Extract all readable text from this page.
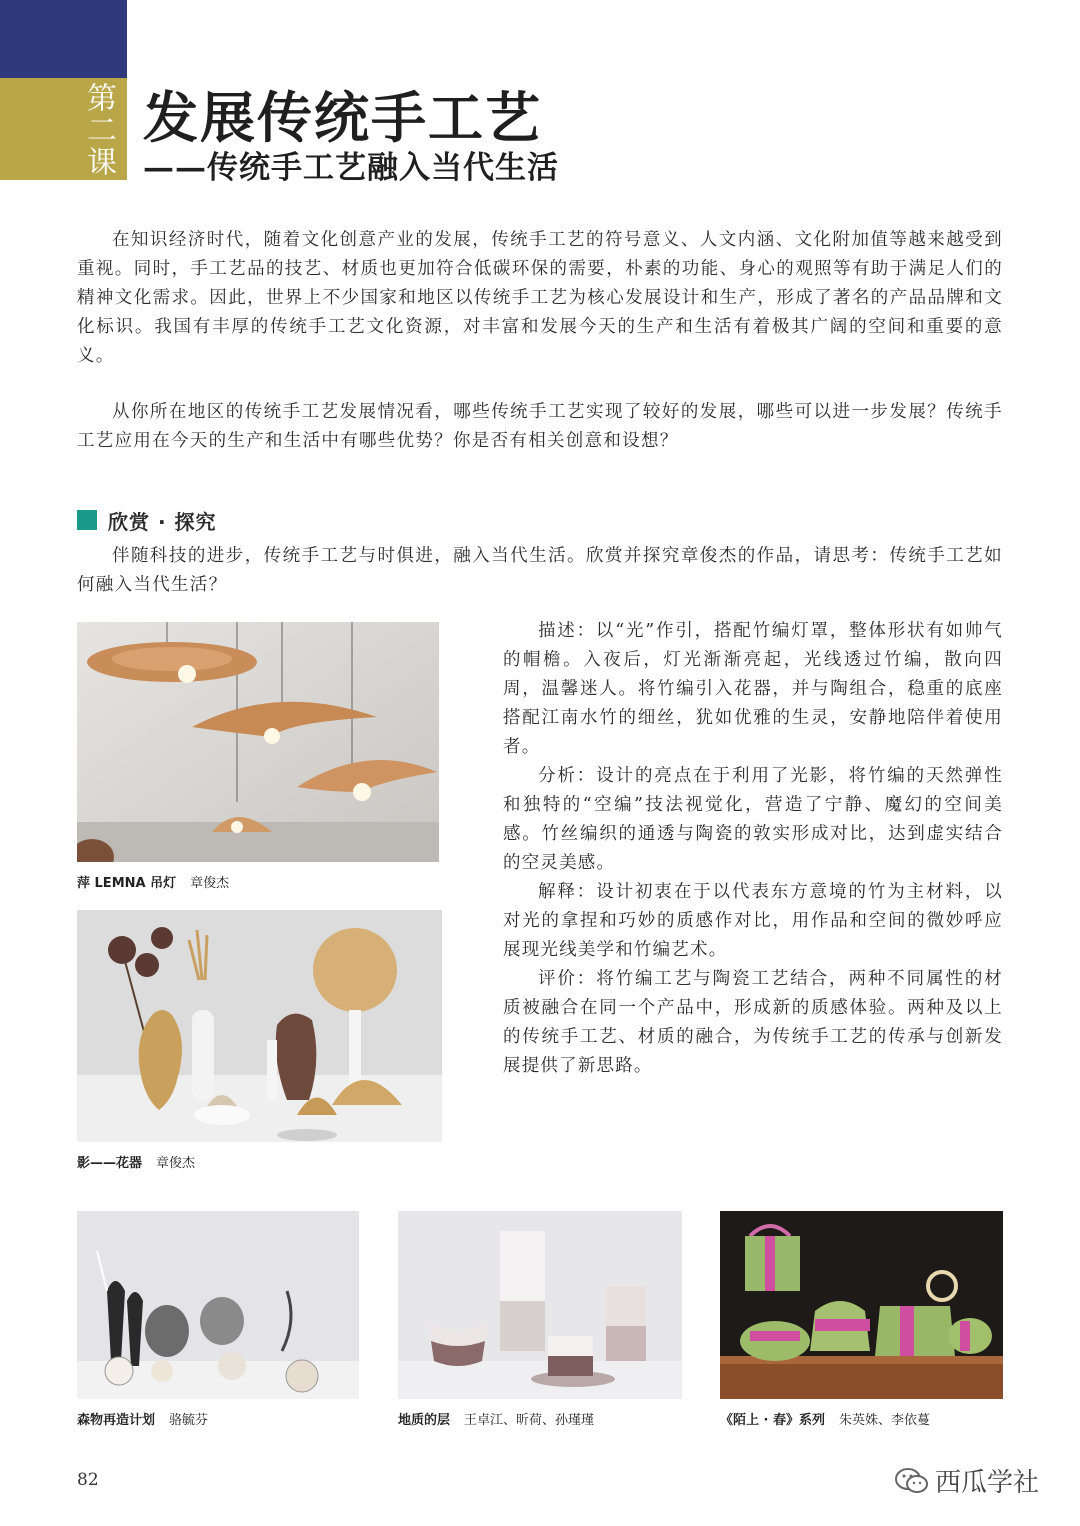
第二课 发展传统手工艺
——传统手工艺融入当代生活

在知识经济时代，随着文化创意产业的发展，传统手工艺的符号意义、人文内涵、文化附加值等越来越受到重视。同时，手工艺品的技艺、材质也更加符合低碳环保的需要，朴素的功能、身心的观照等有助于满足人们的精神文化需求。因此，世界上不少国家和地区以传统手工艺为核心发展设计和生产，形成了著名的产品品牌和文化标识。我国有丰厚的传统手工艺文化资源，对丰富和发展今天的生产和生活有着极其广阔的空间和重要的意义。

从你所在地区的传统手工艺发展情况看，哪些传统手工艺实现了较好的发展，哪些可以进一步发展？传统手工艺应用在今天的生产和生活中有哪些优势？你是否有相关创意和设想？

欣赏 · 探究

伴随科技的进步，传统手工艺与时俱进，融入当代生活。欣赏并探究章俊杰的作品，请思考：传统手工艺如何融入当代生活？

描述：以“光”作引，搭配竹编灯罩，整体形状有如帅气的帽檐。入夜后，灯光渐渐亮起，光线透过竹编，散向四周，温馨迷人。将竹编引入花器，并与陶组合，稳重的底座搭配江南水竹的细丝，犹如优雅的生灵，安静地陪伴着使用者。

分析：设计的亮点在于利用了光影，将竹编的天然弹性和独特的“空编”技法视觉化，营造了宁静、魔幻的空间美感。竹丝编织的通透与陶瓷的敦实形成对比，达到虚实结合的空灵美感。

解释：设计初衷在于以代表东方意境的竹为主材料，以对光的拿捏和巧妙的质感作对比，用作品和空间的微妙呼应展现光线美学和竹编艺术。

评价：将竹编工艺与陶瓷工艺结合，两种不同属性的材质被融合在同一个产品中，形成新的质感体验。两种及以上的传统手工艺、材质的融合，为传统手工艺的传承与创新发展提供了新思路。

萍 LEMNA 吊灯 章俊杰
影——花器 章俊杰
森物再造计划 骆毓芬	地质的层 王卓江、昕荷、孙瑾瑾	《陌上 · 春》系列 朱英姝、李依蔓
82	西瓜学社
